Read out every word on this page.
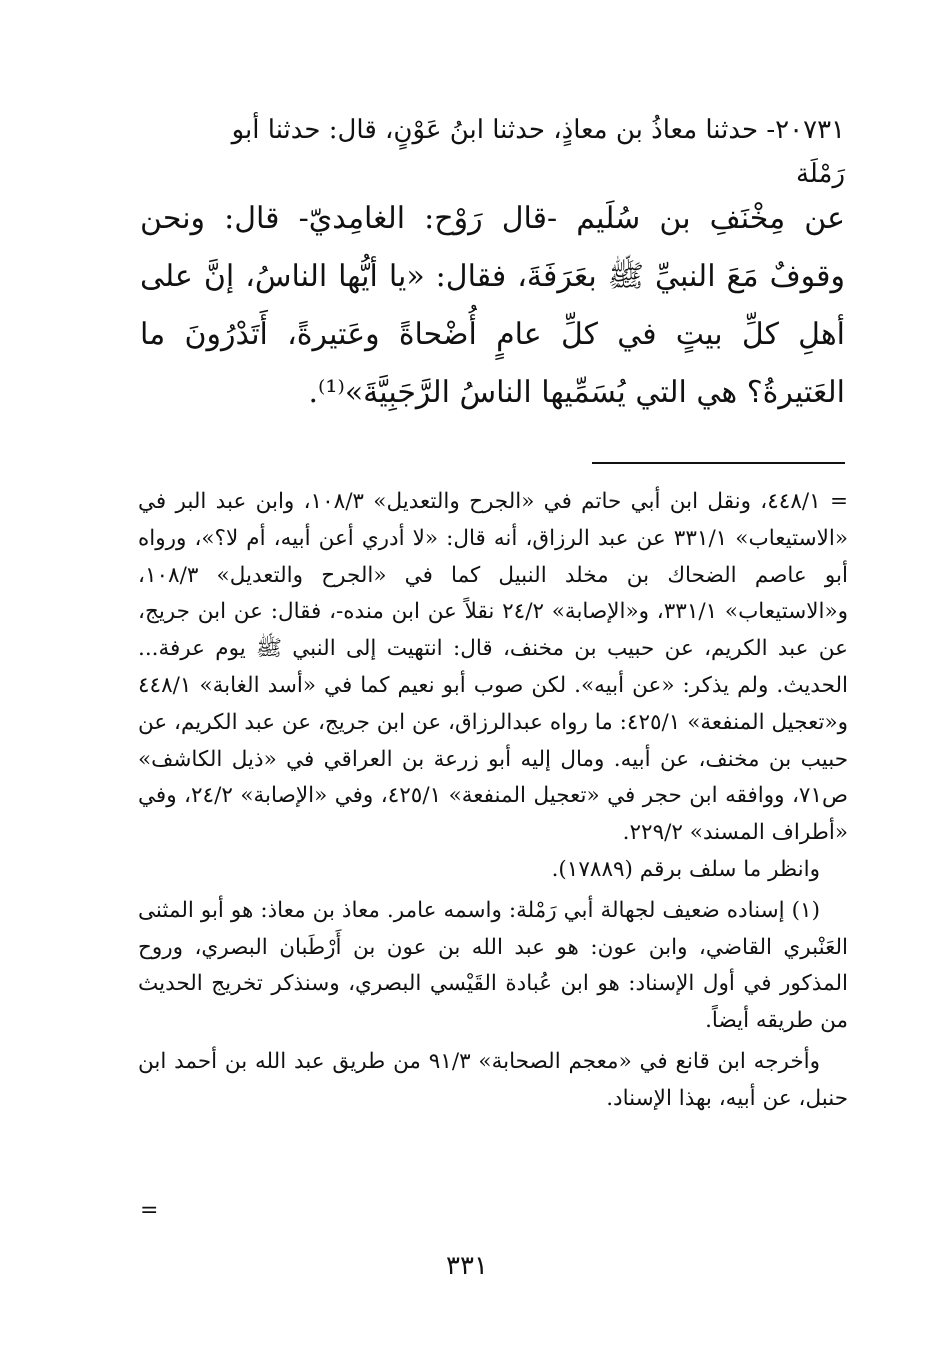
٢٠٧٣١- حدثنا معاذُ بن معاذٍ، حدثنا ابنُ عَوْنٍ، قال: حدثنا أبو

رَمْلَة

عن مِخْنَفِ بن سُلَيم -قال رَوْح: الغامِديّ- قال: ونحن وقوفٌ مَعَ النبيِّ ﷺ بعَرَفَةَ، فقال: «يا أيُّها الناسُ، إنَّ على أهلِ كلِّ بيتٍ في كلِّ عامٍ أُضْحاةً وعَتيرةً، أَتَدْرُونَ ما العَتيرةُ؟ هي التي يُسَمِّيها الناسُ الرَّجَبِيَّةَ»⁽¹⁾.

= ٤٤٨/١، ونقل ابن أبي حاتم في «الجرح والتعديل» ١٠٨/٣، وابن عبد البر في «الاستيعاب» ٣٣١/١ عن عبد الرزاق، أنه قال: «لا أدري أعن أبيه، أم لا؟»، ورواه أبو عاصم الضحاك بن مخلد النبيل كما في «الجرح والتعديل» ١٠٨/٣، و«الاستيعاب» ٣٣١/١، و«الإصابة» ٢٤/٢ نقلاً عن ابن منده-، فقال: عن ابن جريج، عن عبد الكريم، عن حبيب بن مخنف، قال: انتهيت إلى النبي ﷺ يوم عرفة... الحديث. ولم يذكر: «عن أبيه». لكن صوب أبو نعيم كما في «أسد الغابة» ٤٤٨/١ و«تعجيل المنفعة» ٤٢٥/١: ما رواه عبدالرزاق، عن ابن جريج، عن عبد الكريم، عن حبيب بن مخنف، عن أبيه. ومال إليه أبو زرعة بن العراقي في «ذيل الكاشف» ص٧١، ووافقه ابن حجر في «تعجيل المنفعة» ٤٢٥/١، وفي «الإصابة» ٢٤/٢، وفي «أطراف المسند» ٢٢٩/٢.

وانظر ما سلف برقم (١٧٨٨٩).

(١) إسناده ضعيف لجهالة أبي رَمْلة: واسمه عامر. معاذ بن معاذ: هو أبو المثنى العَنْبري القاضي، وابن عون: هو عبد الله بن عون بن أَرْطَبان البصري، وروح المذكور في أول الإسناد: هو ابن عُبادة القَيْسي البصري، وسنذكر تخريج الحديث من طريقه أيضاً.

وأخرجه ابن قانع في «معجم الصحابة» ٩١/٣ من طريق عبد الله بن أحمد ابن حنبل، عن أبيه، بهذا الإسناد.

=
٣٣١
